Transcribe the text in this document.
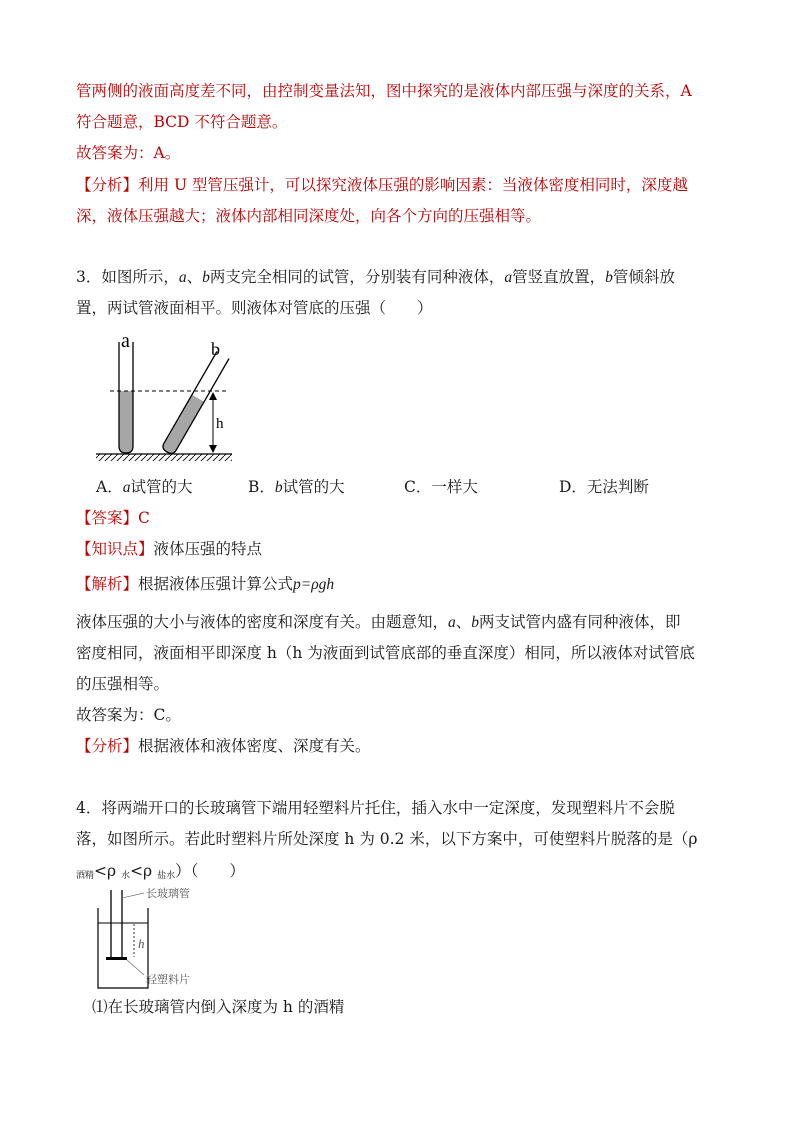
管两侧的液面高度差不同，由控制变量法知，图中探究的是液体内部压强与深度的关系，A
符合题意，BCD 不符合题意。
故答案为：A。
【分析】利用 U 型管压强计，可以探究液体压强的影响因素：当液体密度相同时，深度越
深，液体压强越大；液体内部相同深度处，向各个方向的压强相等。
3．如图所示，a、b两支完全相同的试管，分别装有同种液体，a管竖直放置，b管倾斜放
置，两试管液面相平。则液体对管底的压强（　　）
a	b
h
A．a试管的大	B．b试管的大	C．一样大	D．无法判断
【答案】C
【知识点】液体压强的特点
【解析】根据液体压强计算公式p=ρgh
液体压强的大小与液体的密度和深度有关。由题意知，a、b两支试管内盛有同种液体，即
密度相同，液面相平即深度 h（h 为液面到试管底部的垂直深度）相同，所以液体对试管底
的压强相等。
故答案为：C。
【分析】根据液体和液体密度、深度有关。
4．将两端开口的长玻璃管下端用轻塑料片托住，插入水中一定深度，发现塑料片不会脱
落，如图所示。若此时塑料片所处深度 h 为 0.2 米，以下方案中，可使塑料片脱落的是（ρ
酒精<ρ 水<ρ 盐水）（　　）
长玻璃管
h
轻塑料片
⑴在长玻璃管内倒入深度为 h 的酒精
